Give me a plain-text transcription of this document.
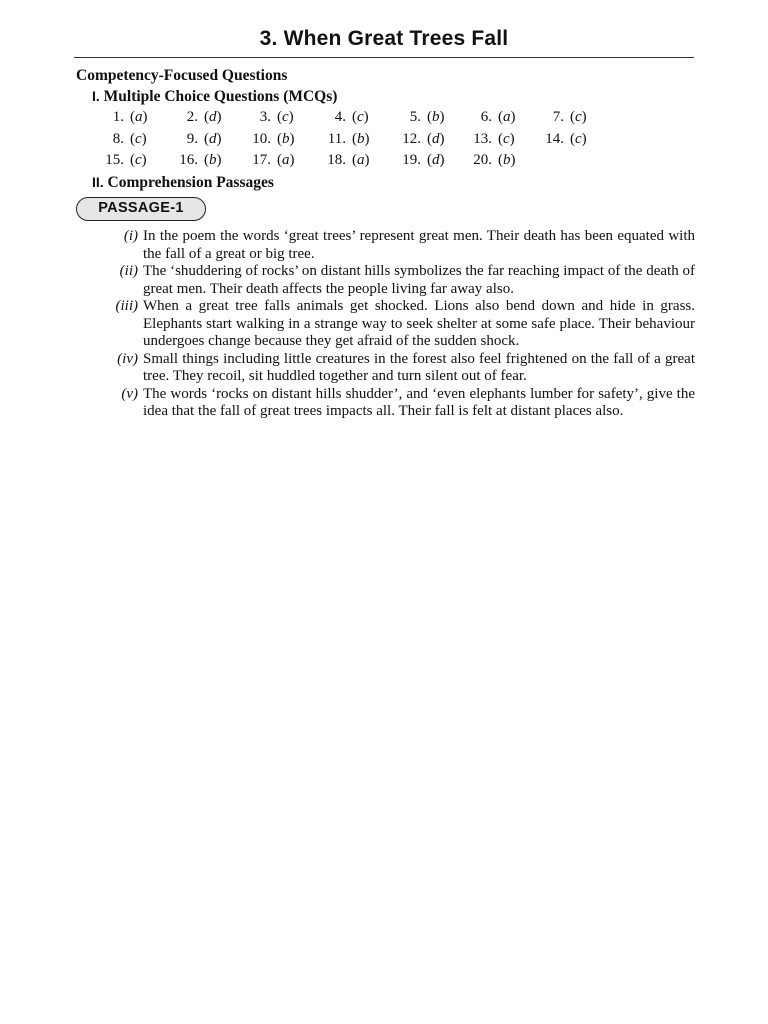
3. When Great Trees Fall
Competency-Focused Questions
I. Multiple Choice Questions (MCQs)
1. (a)	2. (d)	3. (c)	4. (c)	5. (b)	6. (a)	7. (c)
8. (c)	9. (d)	10. (b)	11. (b)	12. (d)	13. (c)	14. (c)
15. (c)	16. (b)	17. (a)	18. (a)	19. (d)	20. (b)
II. Comprehension Passages
PASSAGE-1
(i) In the poem the words ‘great trees’ represent great men. Their death has been equated with the fall of a great or big tree.
(ii) The ‘shuddering of rocks’ on distant hills symbolizes the far reaching impact of the death of great men. Their death affects the people living far away also.
(iii) When a great tree falls animals get shocked. Lions also bend down and hide in grass. Elephants start walking in a strange way to seek shelter at some safe place. Their behaviour undergoes change because they get afraid of the sudden shock.
(iv) Small things including little creatures in the forest also feel frightened on the fall of a great tree. They recoil, sit huddled together and turn silent out of fear.
(v) The words ‘rocks on distant hills shudder’, and ‘even elephants lumber for safety’, give the idea that the fall of great trees impacts all. Their fall is felt at distant places also.
